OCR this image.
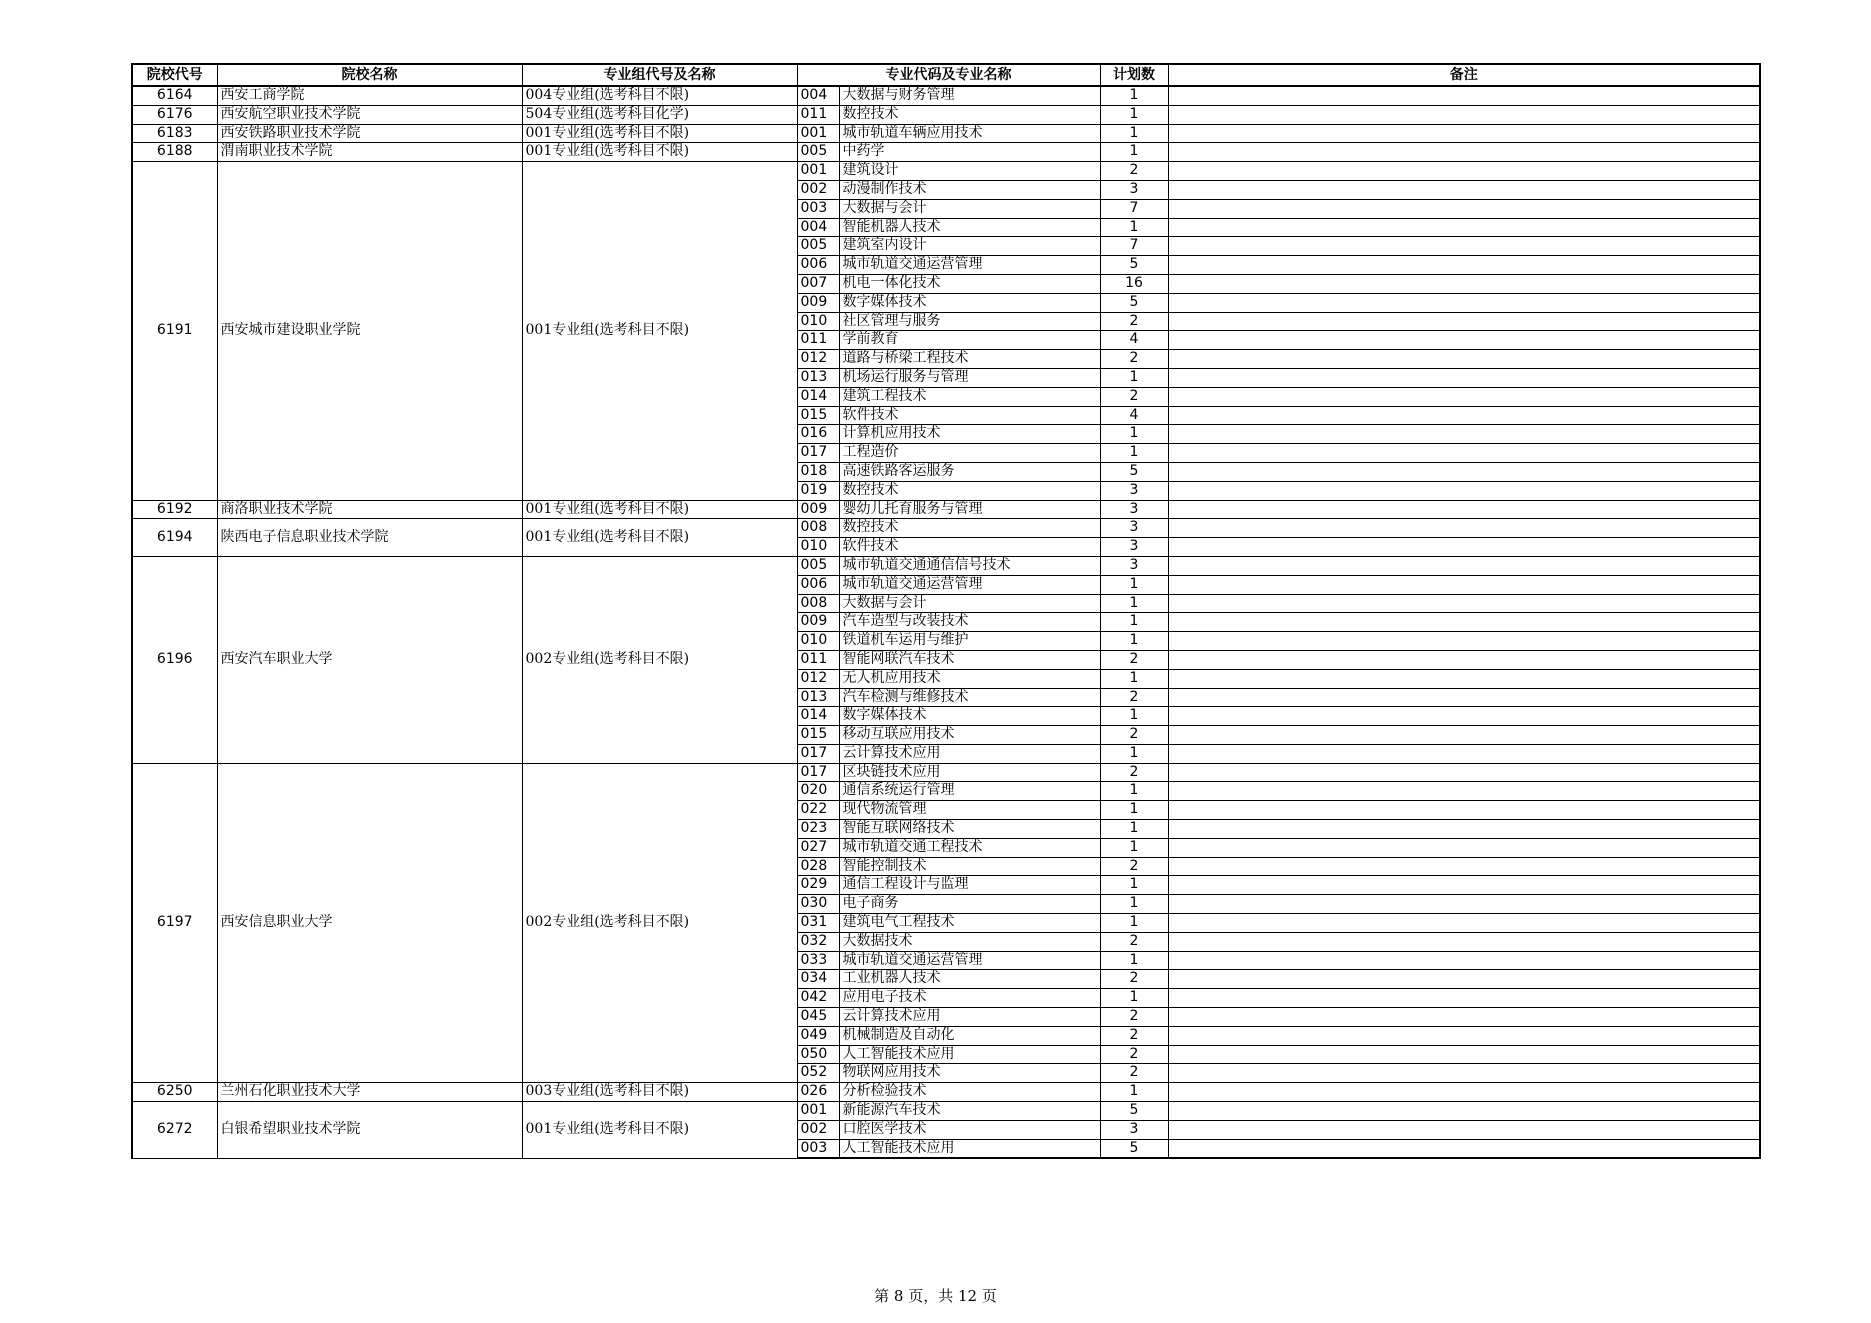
院校代号	院校名称	专业组代号及名称	专业代码及专业名称		计划数	备注
6164	西安工商学院	004专业组(选考科目不限)	004	大数据与财务管理	1	
6176	西安航空职业技术学院	504专业组(选考科目化学)	011	数控技术	1	
6183	西安铁路职业技术学院	001专业组(选考科目不限)	001	城市轨道车辆应用技术	1	
6188	渭南职业技术学院	001专业组(选考科目不限)	005	中药学	1	
6191	西安城市建设职业学院	001专业组(选考科目不限)	001	建筑设计	2	
			002	动漫制作技术	3	
			003	大数据与会计	7	
			004	智能机器人技术	1	
			005	建筑室内设计	7	
			006	城市轨道交通运营管理	5	
			007	机电一体化技术	16	
			009	数字媒体技术	5	
			010	社区管理与服务	2	
			011	学前教育	4	
			012	道路与桥梁工程技术	2	
			013	机场运行服务与管理	1	
			014	建筑工程技术	2	
			015	软件技术	4	
			016	计算机应用技术	1	
			017	工程造价	1	
			018	高速铁路客运服务	5	
			019	数控技术	3	
6192	商洛职业技术学院	001专业组(选考科目不限)	009	婴幼儿托育服务与管理	3	
6194	陕西电子信息职业技术学院	001专业组(选考科目不限)	008	数控技术	3	
			010	软件技术	3	
6196	西安汽车职业大学	002专业组(选考科目不限)	005	城市轨道交通通信信号技术	3	
			006	城市轨道交通运营管理	1	
			008	大数据与会计	1	
			009	汽车造型与改装技术	1	
			010	铁道机车运用与维护	1	
			011	智能网联汽车技术	2	
			012	无人机应用技术	1	
			013	汽车检测与维修技术	2	
			014	数字媒体技术	1	
			015	移动互联应用技术	2	
			017	云计算技术应用	1	
6197	西安信息职业大学	002专业组(选考科目不限)	017	区块链技术应用	2	
			020	通信系统运行管理	1	
			022	现代物流管理	1	
			023	智能互联网络技术	1	
			027	城市轨道交通工程技术	1	
			028	智能控制技术	2	
			029	通信工程设计与监理	1	
			030	电子商务	1	
			031	建筑电气工程技术	1	
			032	大数据技术	2	
			033	城市轨道交通运营管理	1	
			034	工业机器人技术	2	
			042	应用电子技术	1	
			045	云计算技术应用	2	
			049	机械制造及自动化	2	
			050	人工智能技术应用	2	
			052	物联网应用技术	2	
6250	兰州石化职业技术大学	003专业组(选考科目不限)	026	分析检验技术	1	
6272	白银希望职业技术学院	001专业组(选考科目不限)	001	新能源汽车技术	5	
			002	口腔医学技术	3	
			003	人工智能技术应用	5	
第 8 页，共 12 页
